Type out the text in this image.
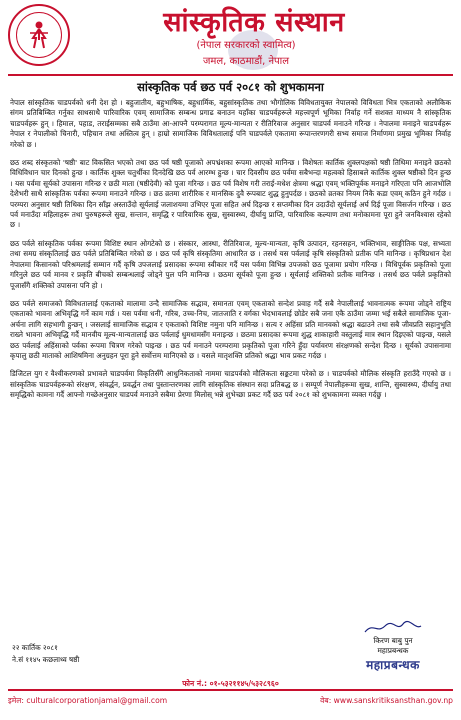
सांस्कृतिक संस्थान
(नेपाल सरकारको स्वामित्व)
जमल, काठमाडौं, नेपाल
सांस्कृतिक पर्व छठ पर्व २०८१ को शुभकामना

नेपाल सांस्कृतिक चाडपर्वको धनी देश हो । बहुजातीय, बहुभाषिक, बहुधार्मिक, बहुसांस्कृतिक तथा भौगोलिक विविधतायुक्त नेपालको विविधता भित्र एकताको अलौकिक संगम प्रतिबिम्बित गर्नुका साथसाथै पारिवारिक एवम् सामाजिक सम्बन्ध प्रगाढ बनाउन यहाँका चाडपर्वहरूले महत्त्वपूर्ण भूमिका निर्वाह गर्ने सशक्त माध्यम नै सांस्कृतिक चाडपर्वहरू हुन् । हिमाल, पहाड, तराईसम्मका सबै ठाउँमा आ-आफ्नै परम्परागत मूल्य-मान्यता र रीतिरिवाज अनुसार चाडपर्व मनाउने गरिन्छ । नेपालमा मनाइने चाडपर्वहरू नेपाल र नेपालीको चिनारी, पहिचान तथा अस्तित्व हुन् । हाम्रो सामाजिक विविधतालाई पनि चाडपर्वले एकतामा रूपान्तरणगरी सभ्य समाज निर्माणमा प्रमुख भूमिका निर्वाह गरेको छ ।

छठ शब्द संस्कृतको 'षष्ठी' बाट विकसित भएको तथा छठ पर्व षष्ठी पूजाको अपभ्रंशका रूपमा आएको मानिन्छ । विशेषतः कार्तिक शुक्लपक्षको षष्ठी तिथिमा मनाइने छठको विधिविधान चार दिनको हुन्छ । कार्तिक शुक्ल चतुर्थीका दिनदेखि छठ पर्व आरम्भ हुन्छ । चार दिवसीय छठ पर्वमा सबैभन्दा महत्वको हिसाबले कार्तिक शुक्ल षष्ठीको दिन हुन्छ । यस पर्वमा सूर्यको उपासना गरिन्छ र छठी माता (षष्ठीदेवी) को पूजा गरिन्छ । छठ पर्व विशेष गरी तराई-मधेश क्षेत्रमा श्रद्धा एवम् भक्तिपूर्वक मनाइने गरिएता पनि आजभोलि देशैभरी साथै सांस्कृतिक पर्वका रूपमा मनाउने गरिन्छ । छठ व्रतमा शारीरिक र मानसिक दुवै रूपबाट शुद्ध हुनुपर्दछ । छठको व्रतका नियम निकै कडा एवम् कठिन हुने गर्दछ । परम्परा अनुसार षष्ठी तिथिका दिन साँझ अस्ताउँदो सूर्यलाई जलाशयमा उभिएर पूजा सहित अर्घ दिइन्छ र सप्तमीका दिन उदाउँदो सूर्यलाई अर्घ दिई पूजा विसर्जन गरिन्छ । छठ पर्व मनाउँदा महिलाहरू तथा पुरुषहरूले सुख, सन्तान, समृद्धि र पारिवारिक सुख, सुस्वास्थ्य, दीर्घायु प्राप्ति, पारिवारिक कल्याण तथा मनोकामना पूरा हुने जनविश्वास रहेको छ ।

छठ पर्वले सांस्कृतिक पर्वका रूपमा विशिष्ट स्थान ओगटेको छ । संस्कार, आस्था, रीतिरिवाज, मूल्य-मान्यता, कृषि उत्पादन, रहनसहन, भक्तिभाव, साङ्गीतिक पक्ष, सभ्यता तथा समग्र संस्कृतिलाई छठ पर्वले प्रतिबिम्बित गरेको छ । छठ पर्व कृषि संस्कृतिमा आधारित छ । तसर्थ यस पर्वलाई कृषि संस्कृतिको प्रतीक पनि मानिन्छ । कृषिप्रधान देश नेपालमा किसानको परिश्रमलाई सम्मान गर्दै कृषि उपजलाई प्रसादका रूपमा स्वीकार गर्दै यस पर्वमा विभिन्न उपजको छठ पूजामा प्रयोग गरिन्छ । विधिपूर्वक प्रकृतिको पूजा गरिनुले छठ पर्व मानव र प्रकृति बीचको सम्बन्धलाई जोड्ने पुल पनि मानिन्छ । छठमा सूर्यको पूजा हुन्छ । सूर्यलाई शक्तिको प्रतीक मानिन्छ । तसर्थ छठ पर्वले प्रकृतिको पूजासँगै शक्तिको उपासना पनि हो ।

छठ पर्वले समाजको विविधतालाई एकताको मालामा उन्दै सामाजिक सद्भाव, समानता एवम् एकताको सन्देश प्रवाह गर्दै सबै नेपालीलाई भावनात्मक रूपमा जोड्ने राष्ट्रिय एकताको भावना अभिवृद्धि गर्ने काम गर्छ । यस पर्वमा धनी, गरिब, उच्च-निच, जातजाति र वर्गका भेदभावलाई छोडेर सबै जना एकै ठाउँमा जम्मा भई सबैले सामाजिक पूजा-अर्चना लागि सहभागी हुन्छन् । जसलाई सामाजिक सद्भाव र एकताको विशिष्ट नमुना पनि मानिन्छ । सत्य र अहिंसा प्रति मानवको श्रद्धा बढाउने तथा सबै जीवप्रति सहानुभूति राख्ने भावना अभिवृद्धि गर्दै मानवीय मूल्य-मान्यतालाई छठ पर्वलाई धुमधामसँग मनाइन्छ । छठमा प्रसादका रूपमा शुद्ध शाकाहारी वस्तुलाई मात्र स्थान दिइएको पाइन्छ, यसले छठ पर्वलाई अहिंसाको पर्वका रूपमा चित्रण गरेको पाइन्छ । छठ पर्व मनाउने परम्परामा प्रकृतिको पूजा गरिने हुँदा पर्यावरण संरक्षणको सन्देश दिन्छ । सूर्यको उपासनामा कृपालु छठी माताको आशिषमिना अनुग्रहन पूरा हुने सर्वोत्तम मानिएको छ । यसले मातृशक्ति प्रतिको श्रद्धा भाव प्रकट गर्दछ ।

डिजिटल युग र वैश्वीकरणको प्रभावले चाडपर्वमा विकृतिसँगै आधुनिकताको नाममा चाडपर्वको मौलिकता सङ्कटमा परेको छ । चाडपर्वको मौलिक संस्कृति हराउँदै गएको छ । सांस्कृतिक चाडपर्वहरूको संरक्षण, संवर्द्धन, प्रवर्द्धन तथा पुस्तान्तरणका लागि सांस्कृतिक संस्थान सदा प्रतिबद्ध छ । सम्पूर्ण नेपालीहरूमा सुख, शान्ति, सुस्वास्थ्य, दीर्घायु तथा समृद्धिको कामना गर्दै आफ्नो गच्छेअनुसार चाडपर्व मनाउने सबैमा प्रेरणा मिलोस् भन्ने शुभेच्छा प्रकट गर्दै छठ पर्व २०८१ को शुभकामना व्यक्त गर्दछु ।

२२ कार्तिक २०८१
ने.सं ११४५ कछलाथ्व षष्ठी
किरण बाबु पुन
महाप्रबन्धक
महाप्रबन्धक
फोन नं.: ०१-५३२११४५/५३२८९६०
इमेल: culturalcorporationjamal@gmail.com	वेब: www.sanskritiksansthan.gov.np
